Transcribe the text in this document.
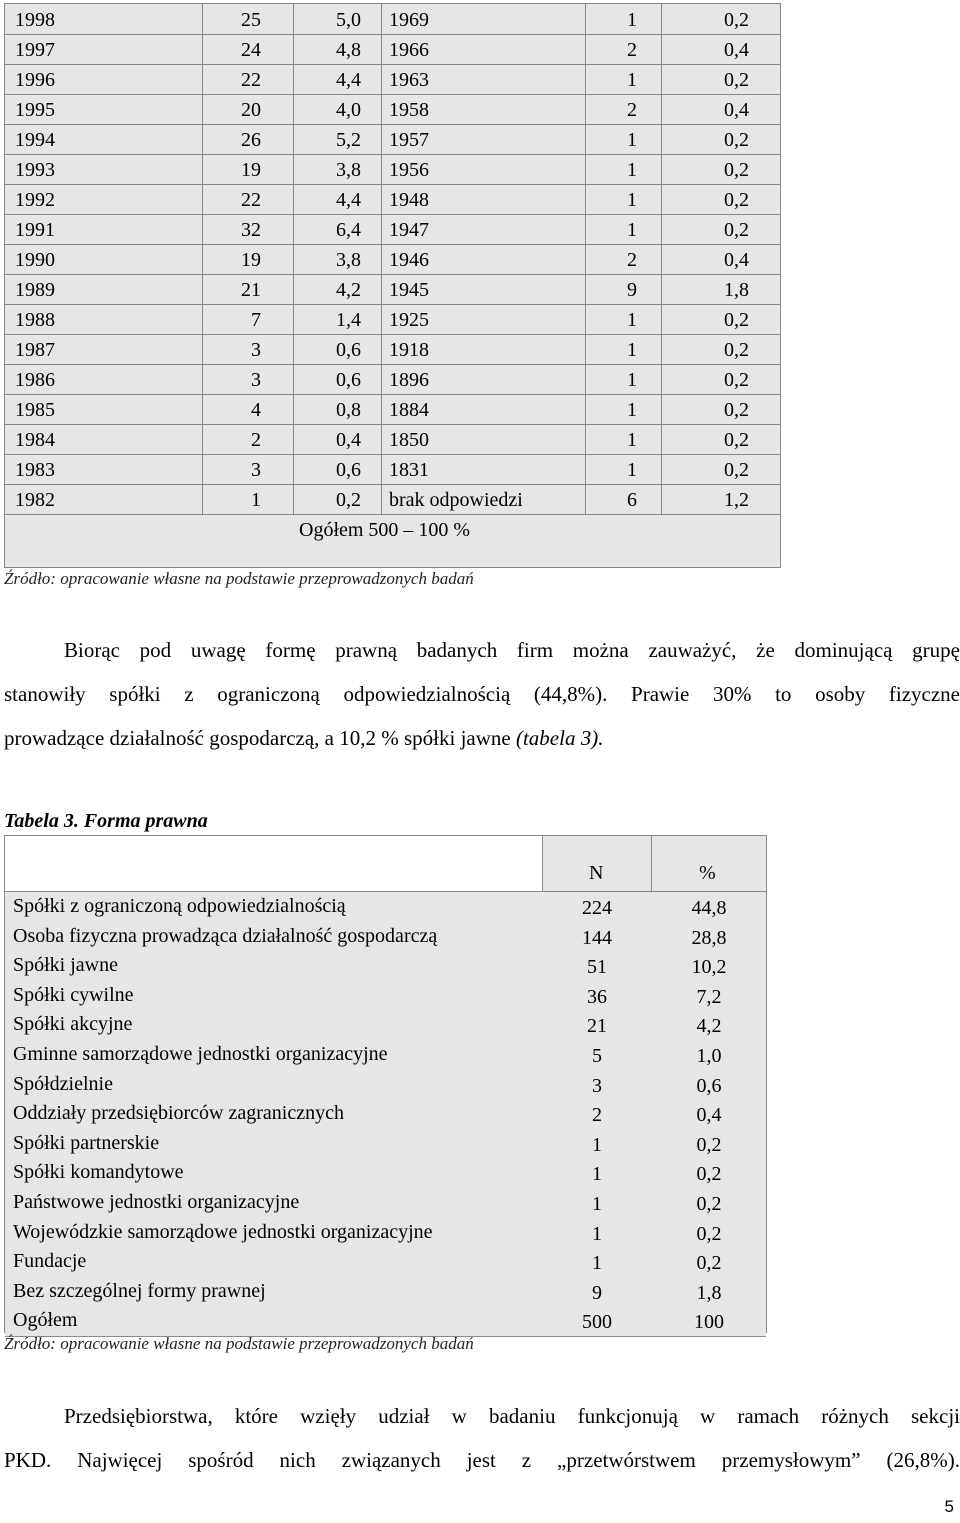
1998	25	5,0 1969	1	0,2
1997	24	4,8 1966	2	0,4
1996	22	4,4 1963	1	0,2
1995	20	4,0 1958	2	0,4
1994	26	5,2 1957	1	0,2
1993	19	3,8 1956	1	0,2
1992	22	4,4 1948	1	0,2
1991	32	6,4 1947	1	0,2
1990	19	3,8 1946	2	0,4
1989	21	4,2 1945	9	1,8
1988	7	1,4 1925	1	0,2
1987	3	0,6 1918	1	0,2
1986	3	0,6 1896	1	0,2
1985	4	0,8 1884	1	0,2
1984	2	0,4 1850	1	0,2
1983	3	0,6 1831	1	0,2
1982	1	0,2 brak odpowiedzi	6	1,2
Ogółem 500 – 100 %
Źródło: opracowanie własne na podstawie przeprowadzonych badań
Biorąc pod uwagę formę prawną badanych firm można zauważyć, że dominującą grupę
stanowiły spółki z ograniczoną odpowiedzialnością (44,8%). Prawie 30% to osoby fizyczne
prowadzące działalność gospodarczą, a 10,2 % spółki jawne (tabela 3).
Tabela 3. Forma prawna
N	%
Spółki z ograniczoną odpowiedzialnością	224	44,8
Osoba fizyczna prowadząca działalność gospodarczą	144	28,8
Spółki jawne	51	10,2
Spółki cywilne	36	7,2
Spółki akcyjne	21	4,2
Gminne samorządowe jednostki organizacyjne	5	1,0
Spółdzielnie	3	0,6
Oddziały przedsiębiorców zagranicznych	2	0,4
Spółki partnerskie	1	0,2
Spółki komandytowe	1	0,2
Państwowe jednostki organizacyjne	1	0,2
Wojewódzkie samorządowe jednostki organizacyjne	1	0,2
Fundacje	1	0,2
Bez szczególnej formy prawnej	9	1,8
Ogółem	500	100
Źródło: opracowanie własne na podstawie przeprowadzonych badań
Przedsiębiorstwa, które wzięły udział w badaniu funkcjonują w ramach różnych sekcji
PKD. Najwięcej spośród nich związanych jest z „przetwórstwem przemysłowym” (26,8%).
5
